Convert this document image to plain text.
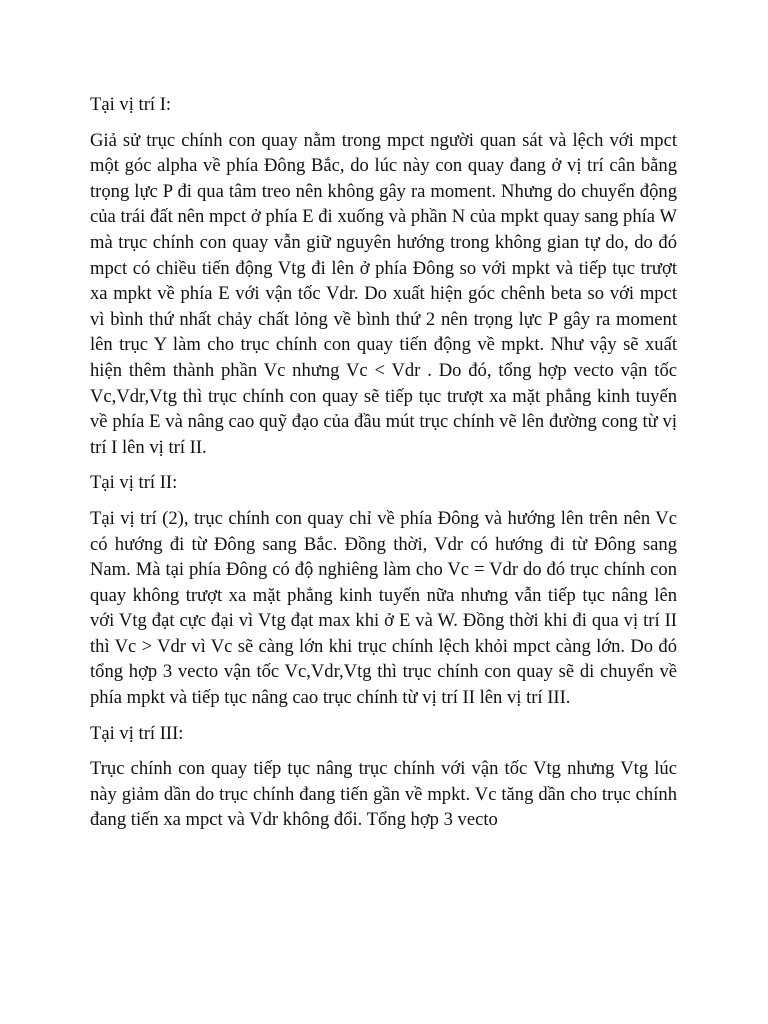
Tại vị trí I:

Giả sử trục chính con quay nằm trong mpct người quan sát và lệch với mpct một góc alpha về phía Đông Bắc, do lúc này con quay đang ở vị trí cân bằng trọng lực P đi qua tâm treo nên không gây ra moment. Nhưng do chuyển động của trái đất nên mpct ở phía E đi xuống và phần N của mpkt quay sang phía W mà trục chính con quay vẫn giữ nguyên hướng trong không gian tự do, do đó mpct có chiều tiến động Vtg đi lên ở phía Đông so với mpkt và tiếp tục trượt xa mpkt về phía E với vận tốc Vdr. Do xuất hiện góc chênh beta so với mpct vì bình thứ nhất chảy chất lỏng về bình thứ 2 nên trọng lực P gây ra moment lên trục Y làm cho trục chính con quay tiến động về mpkt. Như vậy sẽ xuất hiện thêm thành phần Vc nhưng Vc < Vdr . Do đó, tổng hợp vecto vận tốc Vc,Vdr,Vtg thì trục chính con quay sẽ tiếp tục trượt xa mặt phẳng kinh tuyến về phía E và nâng cao quỹ đạo của đầu mút trục chính vẽ lên đường cong từ vị trí I lên vị trí II.

Tại vị trí II:

Tại vị trí (2), trục chính con quay chỉ về phía Đông và hướng lên trên nên Vc có hướng đi từ Đông sang Bắc. Đồng thời, Vdr có hướng đi từ Đông sang Nam. Mà tại phía Đông có độ nghiêng làm cho Vc = Vdr do đó trục chính con quay không trượt xa mặt phẳng kinh tuyến nữa nhưng vẫn tiếp tục nâng lên với Vtg đạt cực đại vì Vtg đạt max khi ở E và W. Đồng thời khi đi qua vị trí II thì Vc > Vdr vì Vc sẽ càng lớn khi trục chính lệch khỏi mpct càng lớn. Do đó tổng hợp 3 vecto vận tốc Vc,Vdr,Vtg thì trục chính con quay sẽ di chuyển về phía mpkt và tiếp tục nâng cao trục chính từ vị trí II lên vị trí III.

Tại vị trí III:

Trục chính con quay tiếp tục nâng trục chính với vận tốc Vtg nhưng Vtg lúc này giảm dần do trục chính đang tiến gần về mpkt. Vc tăng dần cho trục chính đang tiến xa mpct và Vdr không đổi. Tổng hợp 3 vecto
